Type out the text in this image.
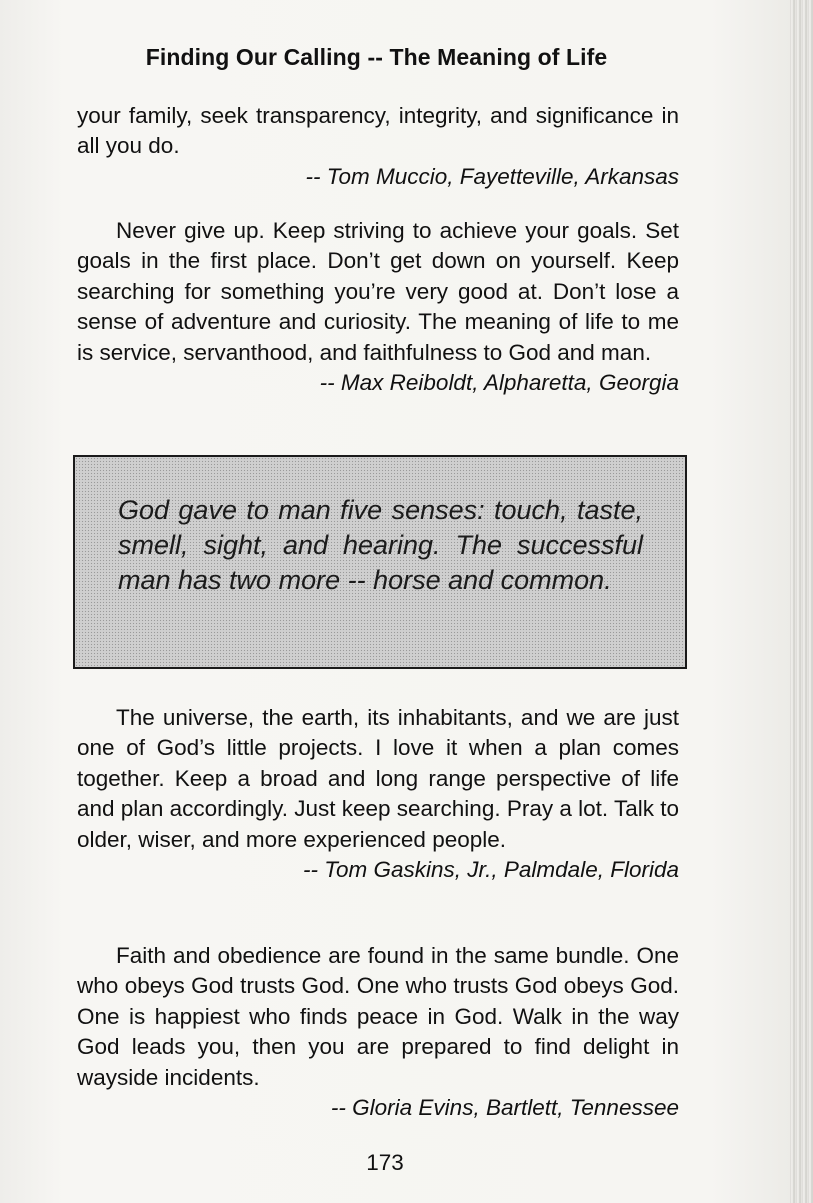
Finding Our Calling -- The Meaning of Life

your family, seek transparency, integrity, and significance in all you do.

-- Tom Muccio, Fayetteville, Arkansas

Never give up. Keep striving to achieve your goals. Set goals in the first place. Don’t get down on yourself. Keep searching for something you’re very good at. Don’t lose a sense of adventure and curiosity. The meaning of life to me is service, servanthood, and faithfulness to God and man.

-- Max Reiboldt, Alpharetta, Georgia

God gave to man five senses: touch, taste, smell, sight, and hearing. The successful man has two more -- horse and common.

The universe, the earth, its inhabitants, and we are just one of God’s little projects. I love it when a plan comes together. Keep a broad and long range perspective of life and plan accordingly. Just keep searching. Pray a lot. Talk to older, wiser, and more experienced people.

-- Tom Gaskins, Jr., Palmdale, Florida

Faith and obedience are found in the same bundle. One who obeys God trusts God. One who trusts God obeys God. One is happiest who finds peace in God. Walk in the way God leads you, then you are prepared to find delight in wayside incidents.

-- Gloria Evins, Bartlett, Tennessee

173
